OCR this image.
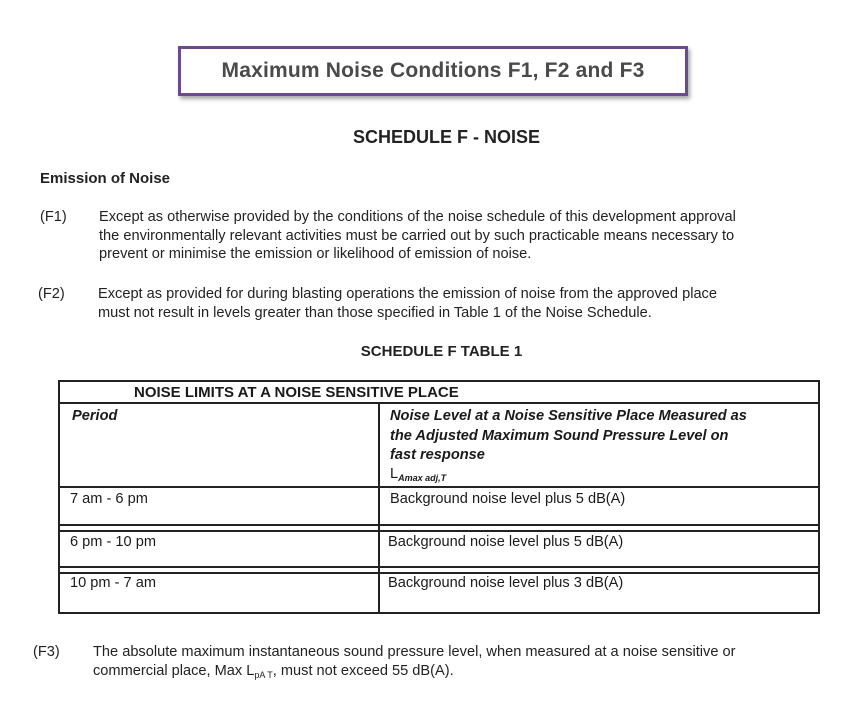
Maximum Noise Conditions F1, F2 and F3
SCHEDULE F - NOISE
Emission of Noise
(F1) Except as otherwise provided by the conditions of the noise schedule of this development approval
the environmentally relevant activities must be carried out by such practicable means necessary to
prevent or minimise the emission or likelihood of emission of noise.
(F2) Except as provided for during blasting operations the emission of noise from the approved place
must not result in levels greater than those specified in Table 1 of the Noise Schedule.
SCHEDULE F TABLE 1
NOISE LIMITS AT A NOISE SENSITIVE PLACE
Period	Noise Level at a Noise Sensitive Place Measured as
the Adjusted Maximum Sound Pressure Level on
fast response
$L_{Amax adj,T}$
7 am - 6 pm	Background noise level plus 5 dB(A)
6 pm - 10 pm	Background noise level plus 5 dB(A)
10 pm - 7 am	Background noise level plus 3 dB(A)
(F3) The absolute maximum instantaneous sound pressure level, when measured at a noise sensitive or
commercial place, Max $L_{pA T}$, must not exceed 55 dB(A).
